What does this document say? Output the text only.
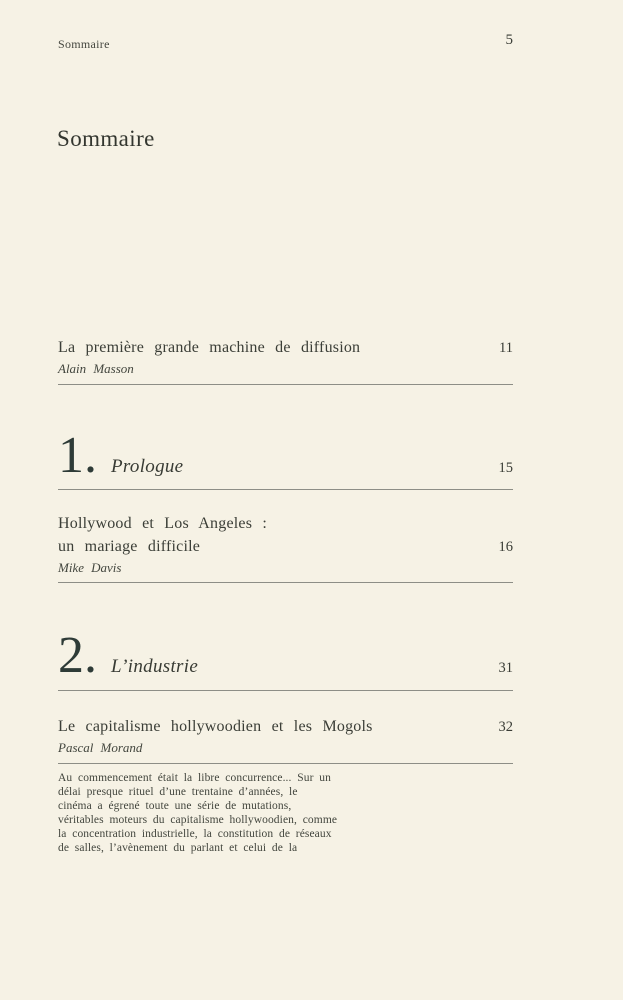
Sommaire	5
Sommaire
La première grande machine de diffusion	11
Alain Masson
1. Prologue	15
Hollywood et Los Angeles :
un mariage difficile	16
Mike Davis
2. L’industrie	31
Le capitalisme hollywoodien et les Mogols	32
Pascal Morand
Au commencement était la libre concurrence... Sur un
délai presque rituel d’une trentaine d’années, le
cinéma a égrené toute une série de mutations,
véritables moteurs du capitalisme hollywoodien, comme
la concentration industrielle, la constitution de réseaux
de salles, l’avènement du parlant et celui de la
